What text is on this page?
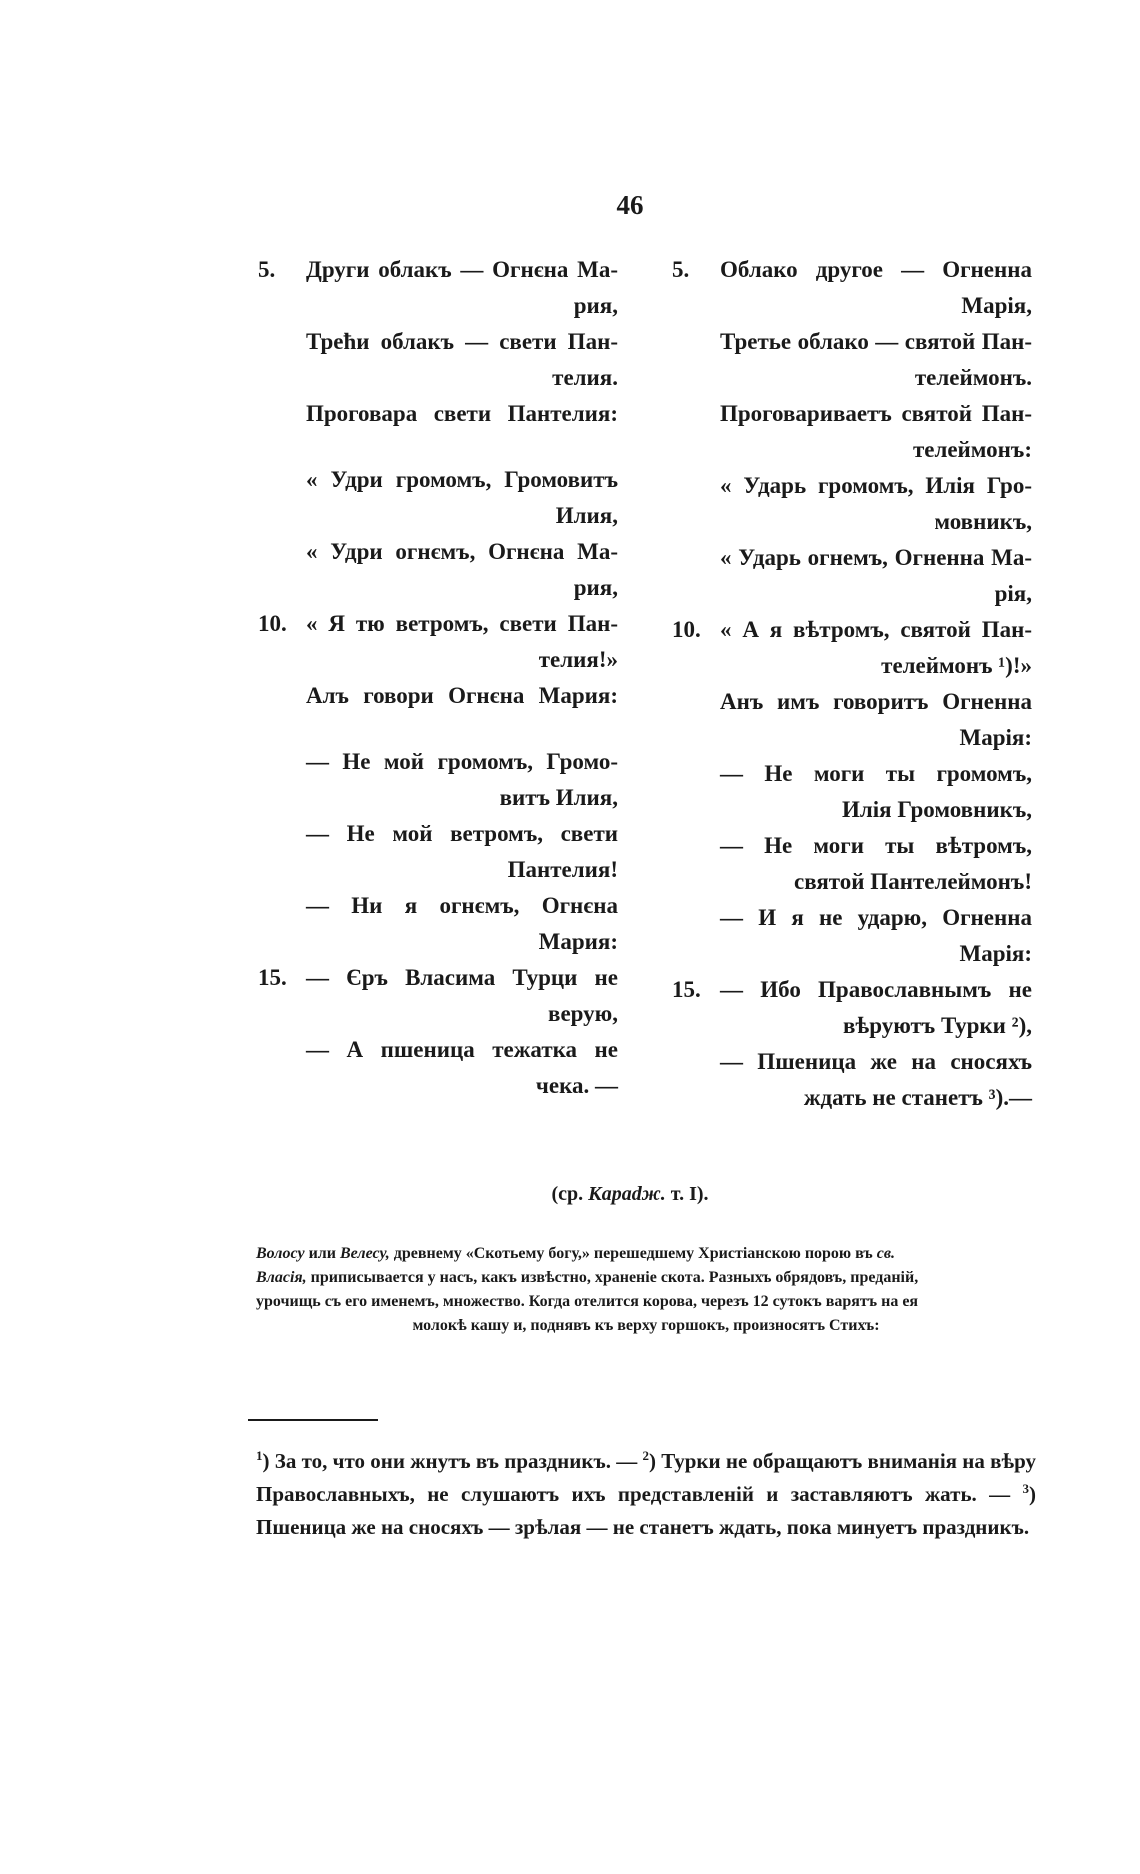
46
5.	Други облакъ — Огнєна Ма-
рия,
Трећи облакъ — свети Пан-
телия.
Проговара свети Пантелия:
« Удри громомъ, Громовитъ
Илия,
« Удри огнємъ, Огнєна Ма-
рия,
10. « Я тю ветромъ, свети Пан-
телия!»
Алъ говори Огнєна Мария:
— Не мой громомъ, Громо-
витъ Илия,
— Не мой ветромъ, свети
Пантелия!
— Ни я огнємъ, Огнєна
Мария:
15. — Єръ Власима Турци не
верую,
— А пшеница тежатка не
чека. —
5.	Облако другое — Огненна
Марія,
Третье облако — святой Пан-
телеймонъ.
Проговариваетъ святой Пан-
телеймонъ:
« Ударь громомъ, Илія Гро-
мовникъ,
« Ударь огнемъ, Огненна Ма-
рія,
10. « А я вѣтромъ, святой Пан-
телеймонъ ¹)!»
Анъ имъ говоритъ Огненна
Марія:
— Не моги ты громомъ,
Илія Громовникъ,
— Не моги ты вѣтромъ,
святой Пантелеймонъ!
— И я не ударю, Огненна
Марія:
15. — Ибо Православнымъ не
вѣруютъ Турки ²),
— Пшеница же на сносяхъ
ждать не станетъ ³).—
(ср. Караdж. т. I).
Волосу или Велесу, древнему «Скотьему богу,» перешедшему Христіанскою порою въ св.
Власія, приписывается у насъ, какъ извѣстно, храненіе скота. Разныхъ обрядовъ, преданій,
урочищь съ его именемъ, множество. Когда отелится корова, черезъ 12 сутокъ варятъ на ея
молокѣ кашу и, поднявъ къ верху горшокъ, произносятъ Стихъ:
$^1$) За то, что они жнутъ въ праздникъ. — $^2$) Турки не обращаютъ вниманія на вѣру Православныхъ, не слушаютъ ихъ представленій и заставляютъ жать. — $^3$) Пшеница же на сносяхъ — зрѣлая — не станетъ ждать, пока минуетъ праздникъ.
